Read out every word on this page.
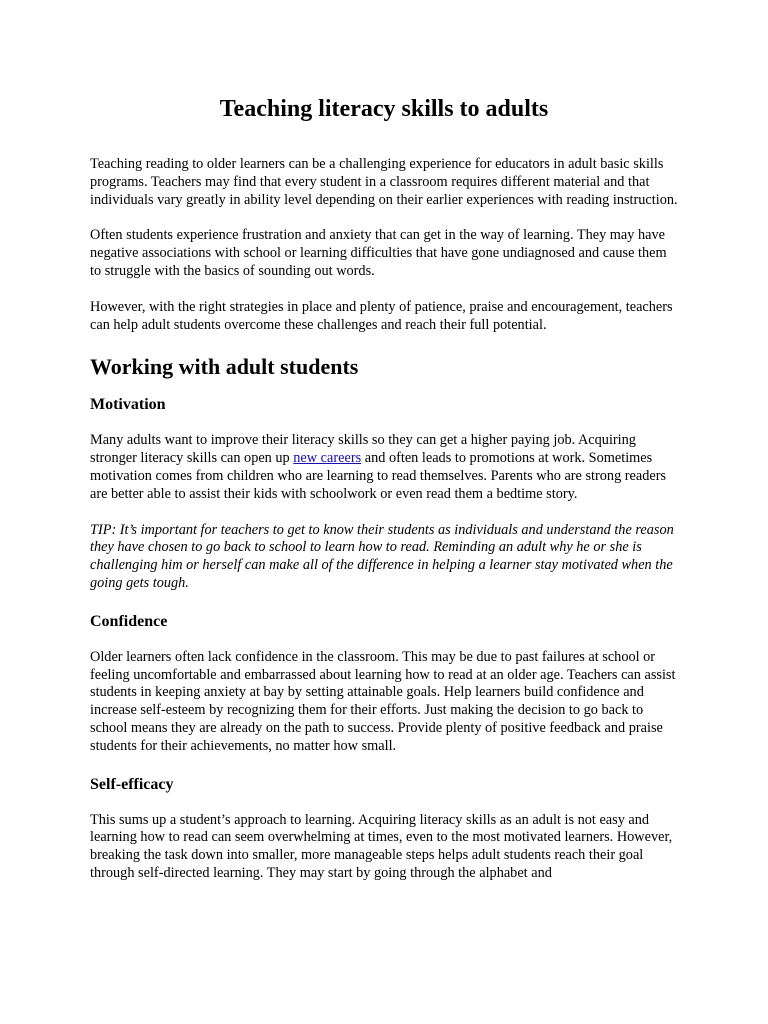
Teaching literacy skills to adults

Teaching reading to older learners can be a challenging experience for educators in adult basic skills programs. Teachers may find that every student in a classroom requires different material and that individuals vary greatly in ability level depending on their earlier experiences with reading instruction.

Often students experience frustration and anxiety that can get in the way of learning. They may have negative associations with school or learning difficulties that have gone undiagnosed and cause them to struggle with the basics of sounding out words.

However, with the right strategies in place and plenty of patience, praise and encouragement, teachers can help adult students overcome these challenges and reach their full potential.

Working with adult students
Motivation

Many adults want to improve their literacy skills so they can get a higher paying job. Acquiring stronger literacy skills can open up new careers and often leads to promotions at work. Sometimes motivation comes from children who are learning to read themselves. Parents who are strong readers are better able to assist their kids with schoolwork or even read them a bedtime story.

TIP: It’s important for teachers to get to know their students as individuals and understand the reason they have chosen to go back to school to learn how to read. Reminding an adult why he or she is challenging him or herself can make all of the difference in helping a learner stay motivated when the going gets tough.

Confidence

Older learners often lack confidence in the classroom. This may be due to past failures at school or feeling uncomfortable and embarrassed about learning how to read at an older age. Teachers can assist students in keeping anxiety at bay by setting attainable goals. Help learners build confidence and increase self-esteem by recognizing them for their efforts. Just making the decision to go back to school means they are already on the path to success. Provide plenty of positive feedback and praise students for their achievements, no matter how small.

Self-efficacy

This sums up a student’s approach to learning. Acquiring literacy skills as an adult is not easy and learning how to read can seem overwhelming at times, even to the most motivated learners. However, breaking the task down into smaller, more manageable steps helps adult students reach their goal through self-directed learning. They may start by going through the alphabet and
